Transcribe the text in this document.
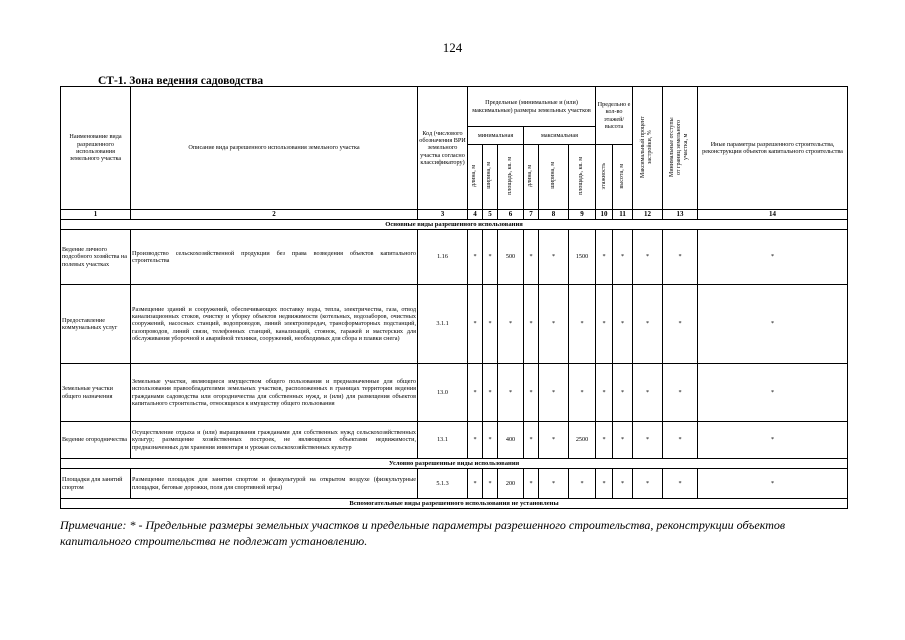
124
СТ-1. Зона ведения садоводства
Наименование вида разрешенного использования земельного участка	Описание вида разрешенного использования земельного участка	Код (числового обозначения ВРИ земельного участка согласно классификатору)	Предельные (минимальные и (или) максимальные) размеры земельных участков						Предельно е кол-во этажей/ высота		Максимальный процент застройки, %	Минимальные отступы от границ земельного участка, м	Иные параметры разрешенного строительства, реконструкции объектов капитального строительства
			минимальная			максимальная							
			длина, м	ширина, м	площадь, кв. м	длина, м	ширина, м	площадь, кв. м	этажность	высота, м			
1	2	3	4	5	6	7	8	9	10	11	12	13	14
Основные виды разрешенного использования													
Ведение личного подсобного хозяйства на полевых участках	Производство сельскохозяйственной продукции без права возведения объектов капитального строительства	1.16	*	*	500	*	*	1500	*	*	*	*	*
Предоставление коммунальных услуг	Размещение зданий и сооружений, обеспечивающих поставку воды, тепла, электричества, газа, отвод канализационных стоков, очистку и уборку объектов недвижимости (котельных, водозаборов, очистных сооружений, насосных станций, водопроводов, линий электропередач, трансформаторных подстанций, газопроводов, линий связи, телефонных станций, канализаций, стоянок, гаражей и мастерских для обслуживания уборочной и аварийной техники, сооружений, необходимых для сбора и плавки снега)	3.1.1	*	*	*	*	*	*	*	*	*	*	*
Земельные участки общего назначения	Земельные участки, являющиеся имуществом общего пользования и предназначенные для общего использования правообладателями земельных участков, расположенных в границах территории ведения гражданами садоводства или огородничества для собственных нужд, и (или) для размещения объектов капитального строительства, относящихся к имуществу общего пользования	13.0	*	*	*	*	*	*	*	*	*	*	*
Ведение огородничества	Осуществление отдыха и (или) выращивания гражданами для собственных нужд сельскохозяйственных культур; размещение хозяйственных построек, не являющихся объектами недвижимости, предназначенных для хранения инвентаря и урожая сельскохозяйственных культур	13.1	*	*	400	*	*	2500	*	*	*	*	*
Условно разрешенные виды использования													
Площадки для занятий спортом	Размещение площадок для занятия спортом и физкультурой на открытом воздухе (физкультурные площадки, беговые дорожки, поля для спортивной игры)	5.1.3	*	*	200	*	*	*	*	*	*	*	*
Вспомогательные виды разрешенного использования не установлены													
Примечание: * - Предельные размеры земельных участков и предельные параметры разрешенного строительства, реконструкции объектов капитального строительства не подлежат установлению.
